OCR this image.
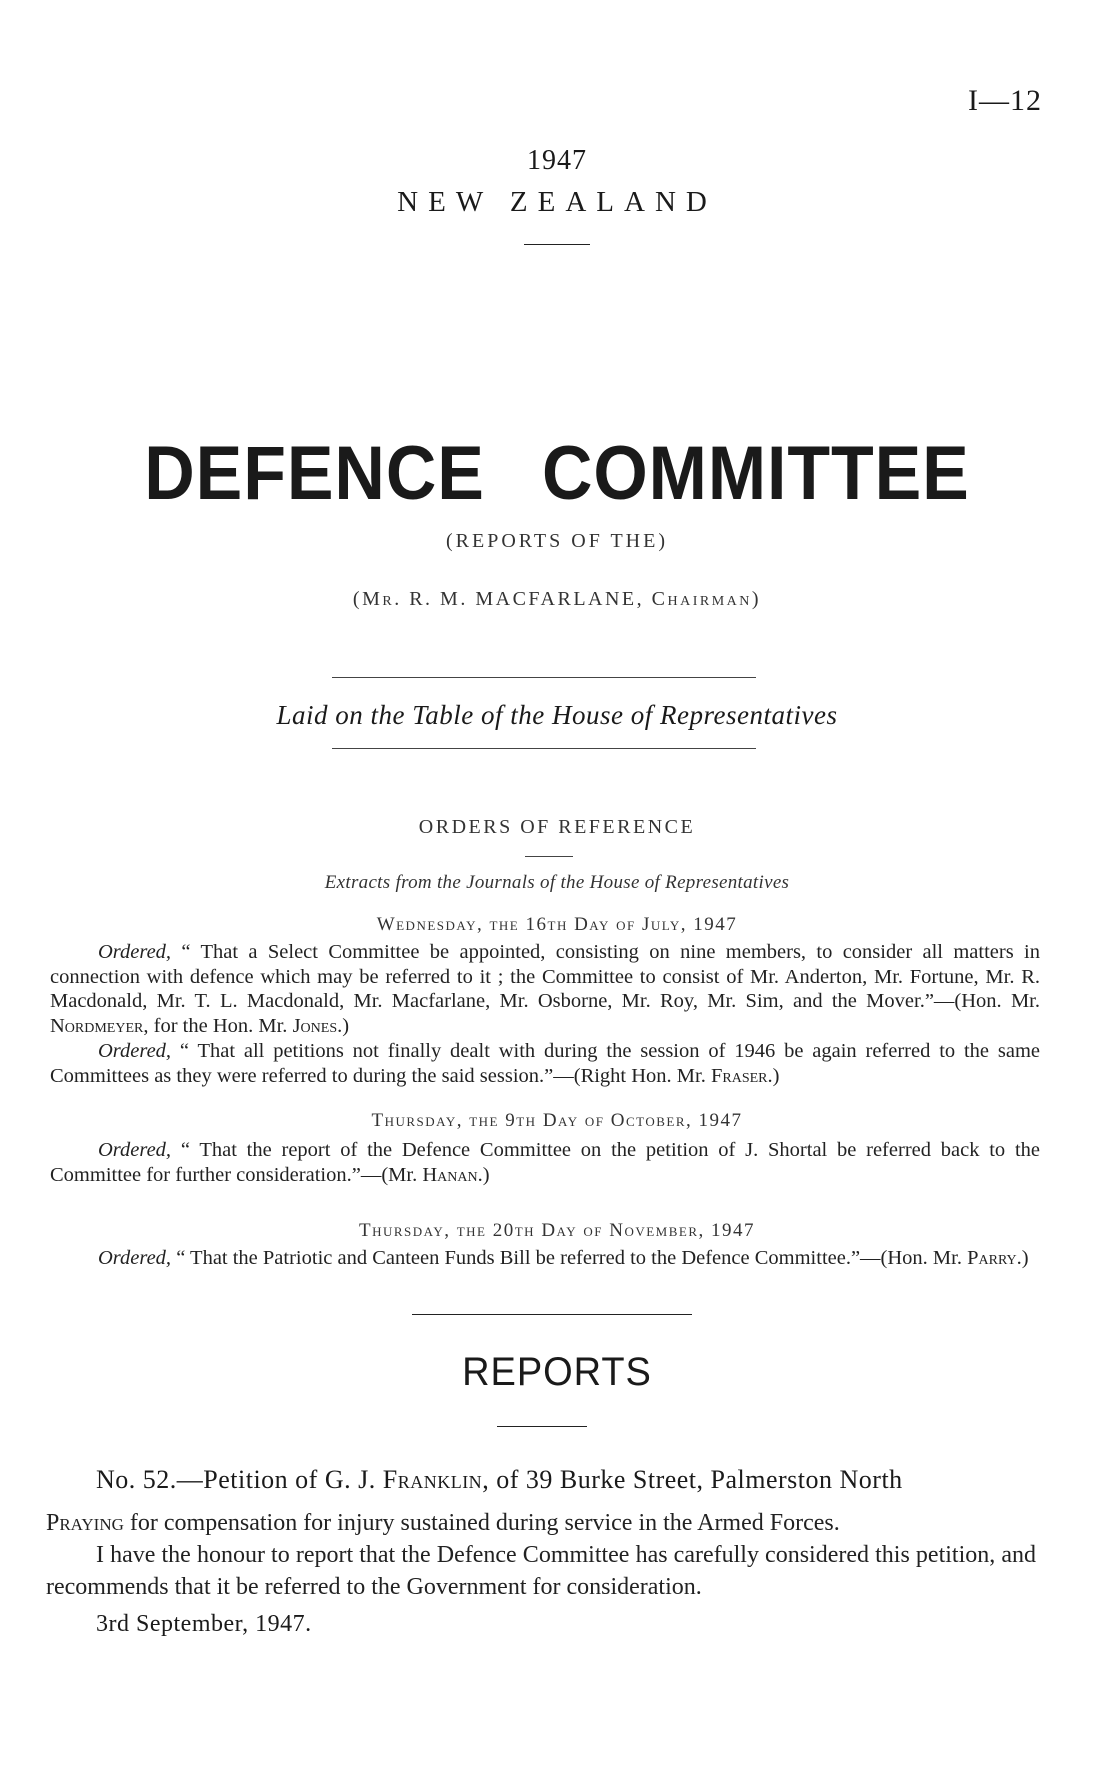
I—12
1947
NEW ZEALAND
DEFENCE COMMITTEE
(REPORTS OF THE)
(Mr. R. M. MACFARLANE, Chairman)
Laid on the Table of the House of Representatives
ORDERS OF REFERENCE
Extracts from the Journals of the House of Representatives
Wednesday, the 16th Day of July, 1947
Ordered, “ That a Select Committee be appointed, consisting on nine members, to consider all matters in connection with defence which may be referred to it ; the Committee to consist of Mr. Anderton, Mr. Fortune, Mr. R. Macdonald, Mr. T. L. Macdonald, Mr. Macfarlane, Mr. Osborne, Mr. Roy, Mr. Sim, and the Mover.”—(Hon. Mr. Nordmeyer, for the Hon. Mr. Jones.)
Ordered, “ That all petitions not finally dealt with during the session of 1946 be again referred to the same Committees as they were referred to during the said session.”—(Right Hon. Mr. Fraser.)
Thursday, the 9th Day of October, 1947
Ordered, “ That the report of the Defence Committee on the petition of J. Shortal be referred back to the Committee for further consideration.”—(Mr. Hanan.)
Thursday, the 20th Day of November, 1947
Ordered, “ That the Patriotic and Canteen Funds Bill be referred to the Defence Committee.”—(Hon. Mr. Parry.)
REPORTS
No. 52.—Petition of G. J. Franklin, of 39 Burke Street, Palmerston North
Praying for compensation for injury sustained during service in the Armed Forces.
I have the honour to report that the Defence Committee has carefully considered this petition, and recommends that it be referred to the Government for consideration.
3rd September, 1947.
